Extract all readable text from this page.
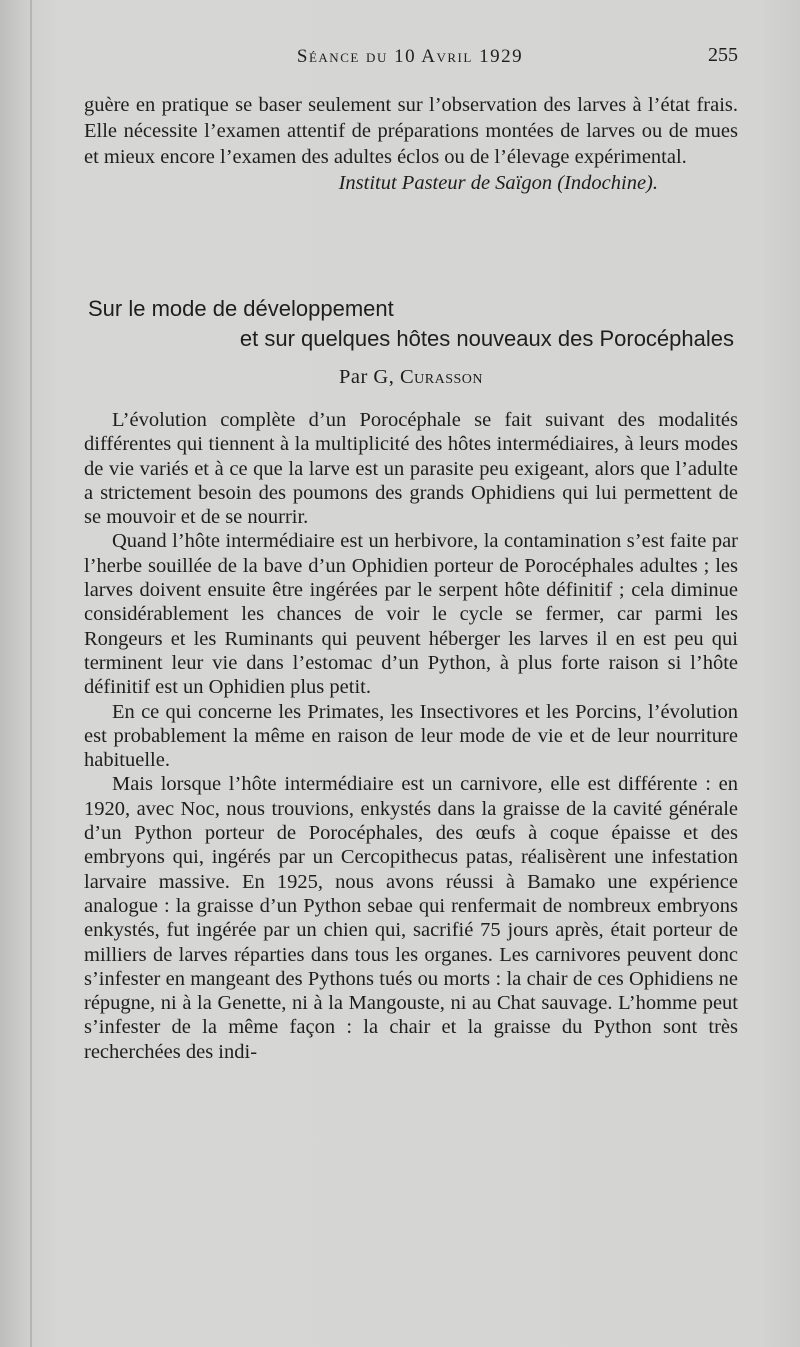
Séance du 10 Avril 1929	255

guère en pratique se baser seulement sur l’observation des larves à l’état frais. Elle nécessite l’examen attentif de préparations montées de larves ou de mues et mieux encore l’examen des adultes éclos ou de l’élevage expérimental.

Institut Pasteur de Saïgon (Indochine).

Sur le mode de développement
et sur quelques hôtes nouveaux des Porocéphales
Par G, Curasson

L’évolution complète d’un Porocéphale se fait suivant des modalités différentes qui tiennent à la multiplicité des hôtes intermédiaires, à leurs modes de vie variés et à ce que la larve est un parasite peu exigeant, alors que l’adulte a strictement besoin des poumons des grands Ophidiens qui lui permettent de se mouvoir et de se nourrir.

Quand l’hôte intermédiaire est un herbivore, la contamination s’est faite par l’herbe souillée de la bave d’un Ophidien porteur de Porocéphales adultes ; les larves doivent ensuite être ingérées par le serpent hôte définitif ; cela diminue considérablement les chances de voir le cycle se fermer, car parmi les Rongeurs et les Ruminants qui peuvent héberger les larves il en est peu qui terminent leur vie dans l’estomac d’un Python, à plus forte raison si l’hôte définitif est un Ophidien plus petit.

En ce qui concerne les Primates, les Insectivores et les Porcins, l’évolution est probablement la même en raison de leur mode de vie et de leur nourriture habituelle.

Mais lorsque l’hôte intermédiaire est un carnivore, elle est différente : en 1920, avec Noc, nous trouvions, enkystés dans la graisse de la cavité générale d’un Python porteur de Porocéphales, des œufs à coque épaisse et des embryons qui, ingérés par un Cercopithecus patas, réalisèrent une infestation larvaire massive. En 1925, nous avons réussi à Bamako une expérience analogue : la graisse d’un Python sebae qui renfermait de nombreux embryons enkystés, fut ingérée par un chien qui, sacrifié 75 jours après, était porteur de milliers de larves réparties dans tous les organes. Les carnivores peuvent donc s’infester en mangeant des Pythons tués ou morts : la chair de ces Ophidiens ne répugne, ni à la Genette, ni à la Mangouste, ni au Chat sauvage. L’homme peut s’infester de la même façon : la chair et la graisse du Python sont très recherchées des indi-
